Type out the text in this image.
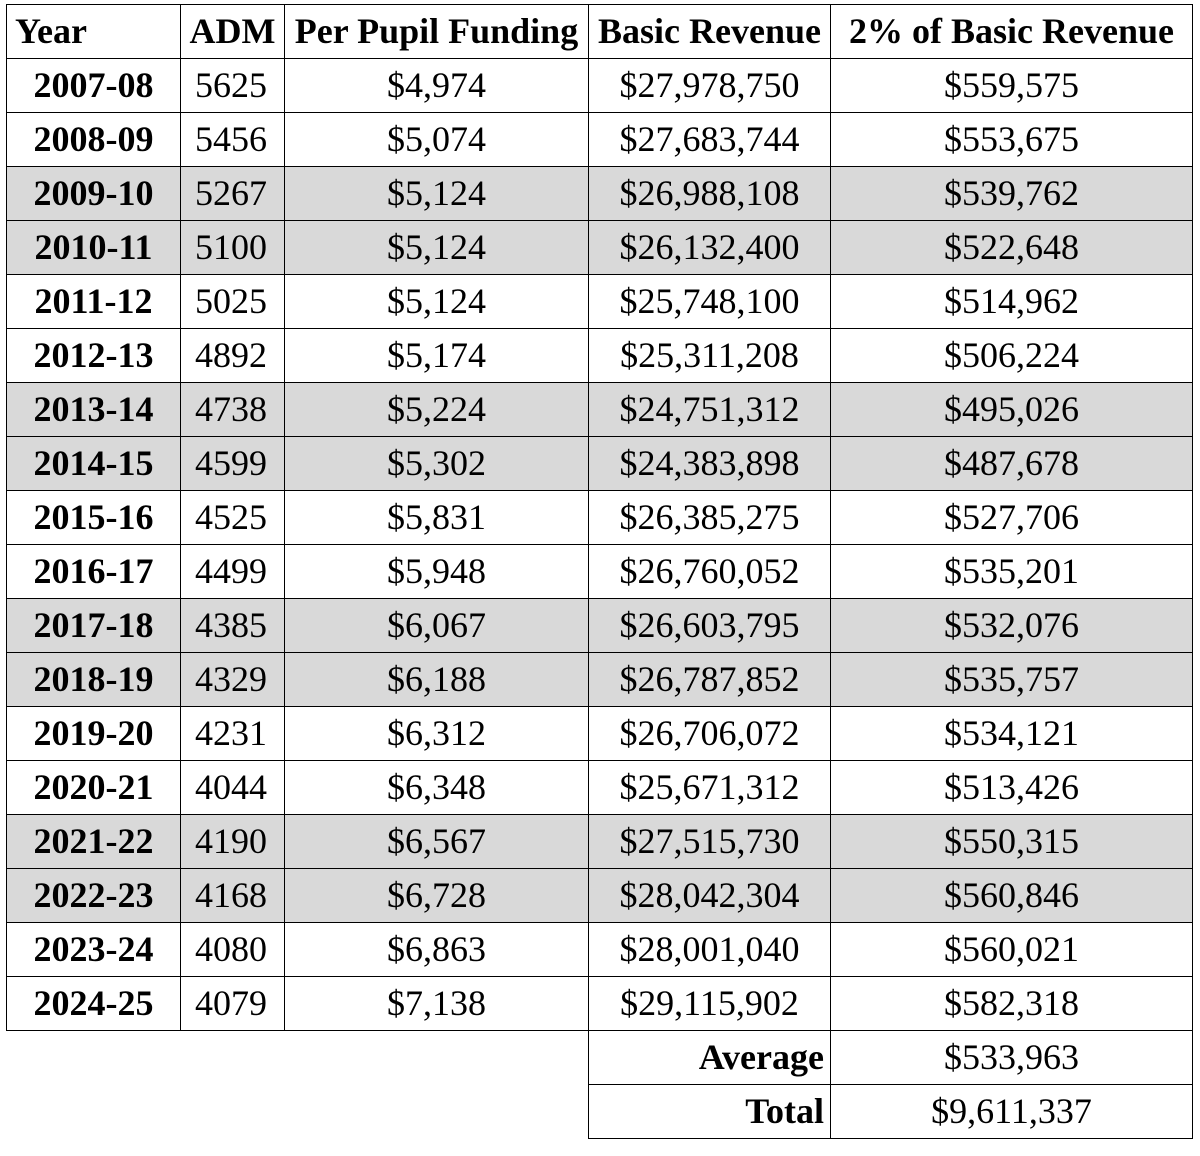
Year	ADM	Per Pupil Funding	Basic Revenue	2% of Basic Revenue
2007-08	5625	$4,974	$27,978,750	$559,575
2008-09	5456	$5,074	$27,683,744	$553,675
2009-10	5267	$5,124	$26,988,108	$539,762
2010-11	5100	$5,124	$26,132,400	$522,648
2011-12	5025	$5,124	$25,748,100	$514,962
2012-13	4892	$5,174	$25,311,208	$506,224
2013-14	4738	$5,224	$24,751,312	$495,026
2014-15	4599	$5,302	$24,383,898	$487,678
2015-16	4525	$5,831	$26,385,275	$527,706
2016-17	4499	$5,948	$26,760,052	$535,201
2017-18	4385	$6,067	$26,603,795	$532,076
2018-19	4329	$6,188	$26,787,852	$535,757
2019-20	4231	$6,312	$26,706,072	$534,121
2020-21	4044	$6,348	$25,671,312	$513,426
2021-22	4190	$6,567	$27,515,730	$550,315
2022-23	4168	$6,728	$28,042,304	$560,846
2023-24	4080	$6,863	$28,001,040	$560,021
2024-25	4079	$7,138	$29,115,902	$582,318
			Average	$533,963
			Total	$9,611,337
